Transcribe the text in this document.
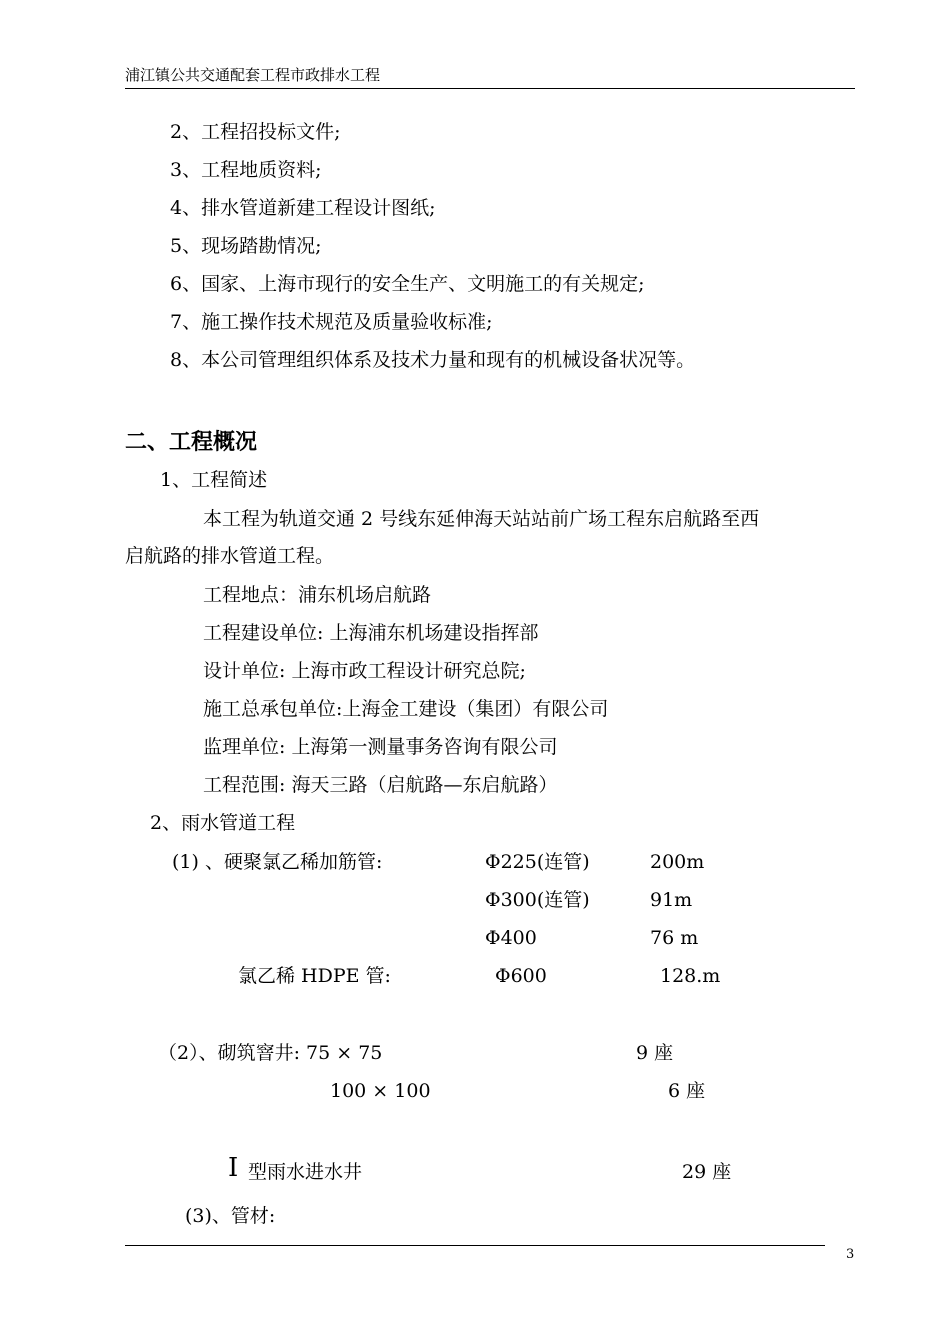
浦江镇公共交通配套工程市政排水工程
2、工程招投标文件;
3、工程地质资料;
4、排水管道新建工程设计图纸;
5、现场踏勘情况;
6、国家、上海市现行的安全生产、文明施工的有关规定;
7、施工操作技术规范及质量验收标准;
8、本公司管理组织体系及技术力量和现有的机械设备状况等。
二、工程概况
1、工程简述
本工程为轨道交通 2 号线东延伸海天站站前广场工程东启航路至西
启航路的排水管道工程。
工程地点：浦东机场启航路
工程建设单位: 上海浦东机场建设指挥部
设计单位: 上海市政工程设计研究总院;
施工总承包单位:上海金工建设（集团）有限公司
监理单位: 上海第一测量事务咨询有限公司
工程范围: 海天三路（启航路—东启航路）
2、雨水管道工程
(1) 、硬聚氯乙稀加筋管:	Φ225(连管)	200m
Φ300(连管)	91m
Φ400	76 m
氯乙稀 HDPE 管:	Φ600	128.m
（2）、砌筑窨井: 75 × 75	9 座
100 × 100	6 座
I 型雨水进水井	29 座
(3)、管材:
3
